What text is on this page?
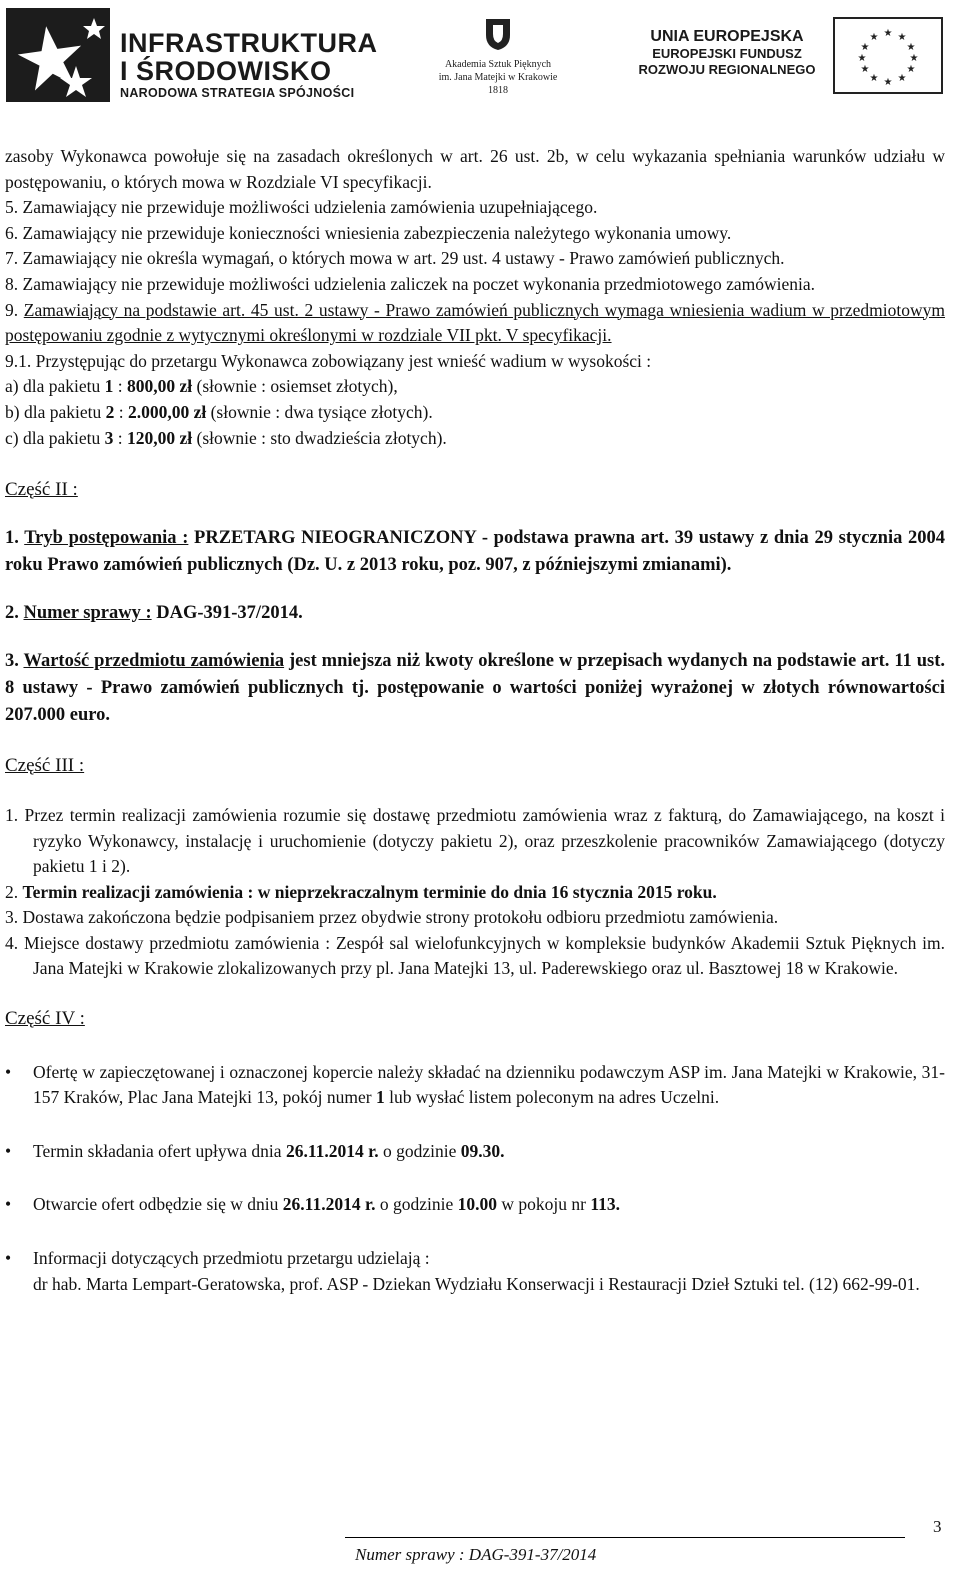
INFRASTRUKTURA
I ŚRODOWISKO
NARODOWA STRATEGIA SPÓJNOŚCI
Akademia Sztuk Pięknych
im. Jana Matejki w Krakowie
1818
UNIA EUROPEJSKA
EUROPEJSKI FUNDUSZ
ROZWOJU REGIONALNEGO
★ ★
★
★
★
★
★
★
★
★
★
★

zasoby Wykonawca powołuje się na zasadach określonych w art. 26 ust. 2b, w celu wykazania spełniania warunków udziału w postępowaniu, o których mowa w Rozdziale VI specyfikacji.

5. Zamawiający nie przewiduje możliwości udzielenia zamówienia uzupełniającego.

6. Zamawiający nie przewiduje konieczności wniesienia zabezpieczenia należytego wykonania umowy.

7. Zamawiający nie określa wymagań, o których mowa w art. 29 ust. 4 ustawy - Prawo zamówień publicznych.

8. Zamawiający nie przewiduje możliwości udzielenia zaliczek na poczet wykonania przedmiotowego zamówienia.

9. Zamawiający na podstawie art. 45 ust. 2 ustawy - Prawo zamówień publicznych wymaga wniesienia wadium w przedmiotowym postępowaniu zgodnie z wytycznymi określonymi w rozdziale VII pkt. V specyfikacji.

9.1. Przystępując do przetargu Wykonawca zobowiązany jest wnieść wadium w wysokości :

a) dla pakietu 1 : 800,00 zł (słownie : osiemset złotych),

b) dla pakietu 2 : 2.000,00 zł (słownie : dwa tysiące złotych).

c) dla pakietu 3 : 120,00 zł (słownie : sto dwadzieścia złotych).

Część II :

1. Tryb postępowania : PRZETARG NIEOGRANICZONY - podstawa prawna art. 39 ustawy z dnia 29 stycznia 2004 roku Prawo zamówień publicznych (Dz. U. z 2013 roku, poz. 907, z późniejszymi zmianami).

2. Numer sprawy : DAG-391-37/2014.

3. Wartość przedmiotu zamówienia jest mniejsza niż kwoty określone w przepisach wydanych na podstawie art. 11 ust. 8 ustawy - Prawo zamówień publicznych tj. postępowanie o wartości poniżej wyrażonej w złotych równowartości 207.000 euro.

Część III :

1. Przez termin realizacji zamówienia rozumie się dostawę przedmiotu zamówienia wraz z fakturą, do Zamawiającego, na koszt i ryzyko Wykonawcy, instalację i uruchomienie (dotyczy pakietu 2), oraz przeszkolenie pracowników Zamawiającego (dotyczy pakietu 1 i 2).

2. Termin realizacji zamówienia : w nieprzekraczalnym terminie do dnia 16 stycznia 2015 roku.

3. Dostawa zakończona będzie podpisaniem przez obydwie strony protokołu odbioru przedmiotu zamówienia.

4. Miejsce dostawy przedmiotu zamówienia : Zespół sal wielofunkcyjnych w kompleksie budynków Akademii Sztuk Pięknych im. Jana Matejki w Krakowie zlokalizowanych przy pl. Jana Matejki 13, ul. Paderewskiego oraz ul. Basztowej 18 w Krakowie.

Część IV :

• Ofertę w zapieczętowanej i oznaczonej kopercie należy składać na dzienniku podawczym ASP im. Jana Matejki w Krakowie, 31-157 Kraków, Plac Jana Matejki 13, pokój numer 1 lub wysłać listem poleconym na adres Uczelni.

• Termin składania ofert upływa dnia 26.11.2014 r. o godzinie 09.30.

• Otwarcie ofert odbędzie się w dniu 26.11.2014 r. o godzinie 10.00 w pokoju nr 113.

• Informacji dotyczących przedmiotu przetargu udzielają :

dr hab. Marta Lempart-Geratowska, prof. ASP - Dziekan Wydziału Konserwacji i Restauracji Dzieł Sztuki tel. (12) 662-99-01.

3
Numer sprawy : DAG-391-37/2014
